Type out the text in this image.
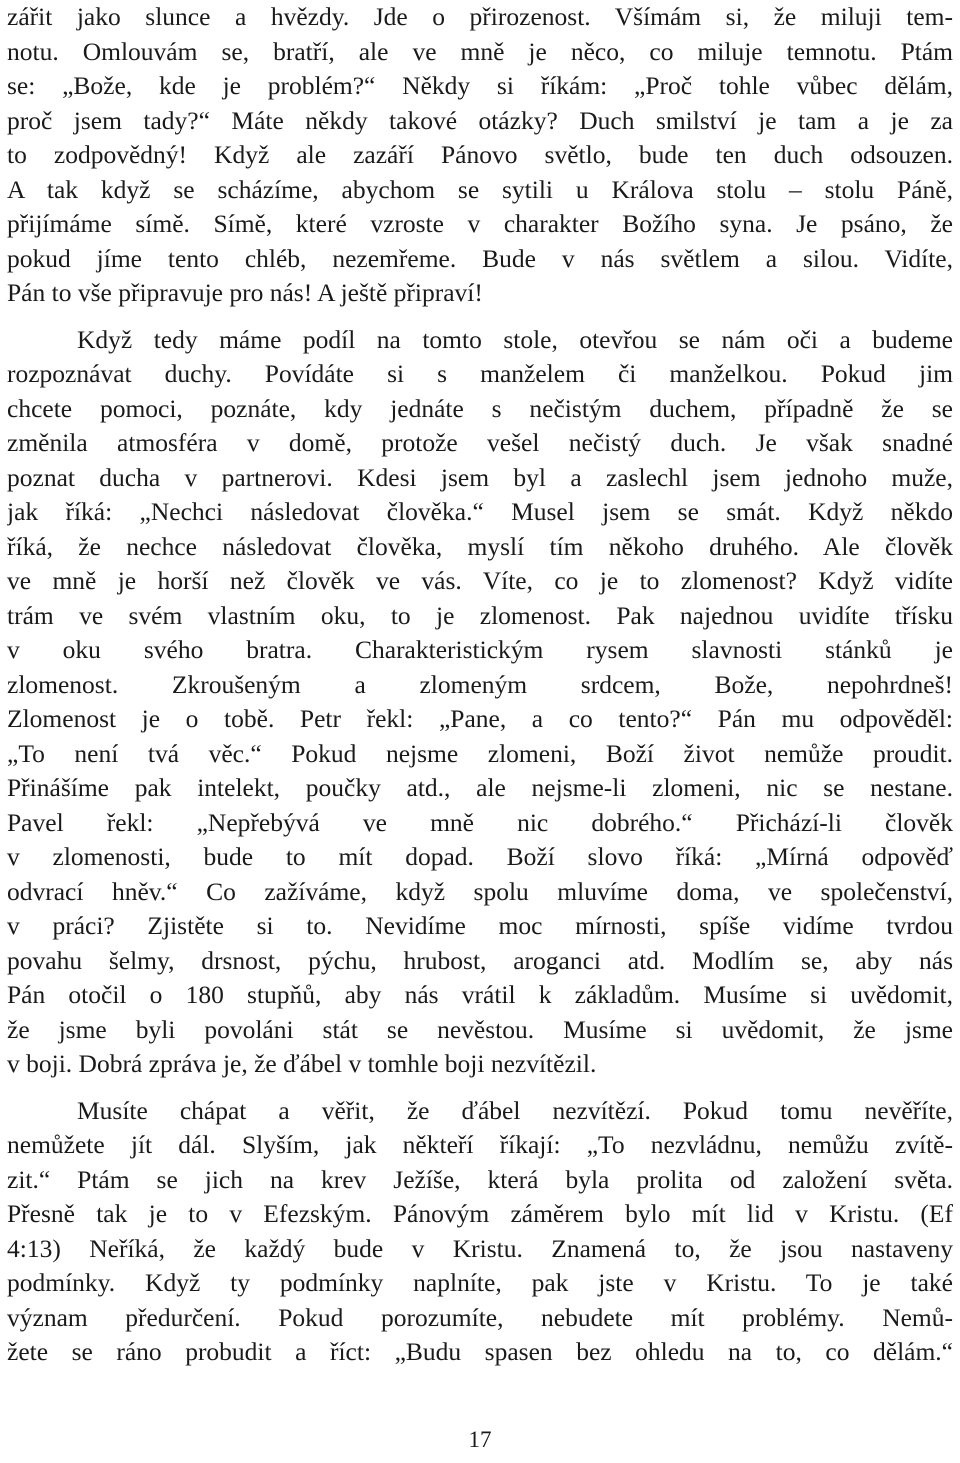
zářit jako slunce a hvězdy. Jde o přirozenost. Všímám si, že miluji tem-
notu. Omlouvám se, bratří, ale ve mně je něco, co miluje temnotu. Ptám
se: „Bože, kde je problém?“ Někdy si říkám: „Proč tohle vůbec dělám,
proč jsem tady?“ Máte někdy takové otázky? Duch smilství je tam a je za
to zodpovědný! Když ale zazáří Pánovo světlo, bude ten duch odsouzen.
A tak když se scházíme, abychom se sytili u Králova stolu – stolu Páně,
přijímáme símě. Símě, které vzroste v charakter Božího syna. Je psáno, že
pokud jíme tento chléb, nezemřeme. Bude v nás světlem a silou. Vidíte,
Pán to vše připravuje pro nás! A ještě připraví!
Když tedy máme podíl na tomto stole, otevřou se nám oči a budeme
rozpoznávat duchy. Povídáte si s manželem či manželkou. Pokud jim
chcete pomoci, poznáte, kdy jednáte s nečistým duchem, případně že se
změnila atmosféra v domě, protože vešel nečistý duch. Je však snadné
poznat ducha v partnerovi. Kdesi jsem byl a zaslechl jsem jednoho muže,
jak říká: „Nechci následovat člověka.“ Musel jsem se smát. Když někdo
říká, že nechce následovat člověka, myslí tím někoho druhého. Ale člověk
ve mně je horší než člověk ve vás. Víte, co je to zlomenost? Když vidíte
trám ve svém vlastním oku, to je zlomenost. Pak najednou uvidíte třísku
v oku svého bratra. Charakteristickým rysem slavnosti stánků je
zlomenost. Zkroušeným a zlomeným srdcem, Bože, nepohrdneš!
Zlomenost je o tobě. Petr řekl: „Pane, a co tento?“ Pán mu odpověděl:
„To není tvá věc.“ Pokud nejsme zlomeni, Boží život nemůže proudit.
Přinášíme pak intelekt, poučky atd., ale nejsme-li zlomeni, nic se nestane.
Pavel řekl: „Nepřebývá ve mně nic dobrého.“ Přichází-li člověk
v zlomenosti, bude to mít dopad. Boží slovo říká: „Mírná odpověď
odvrací hněv.“ Co zažíváme, když spolu mluvíme doma, ve společenství,
v práci? Zjistěte si to. Nevidíme moc mírnosti, spíše vidíme tvrdou
povahu šelmy, drsnost, pýchu, hrubost, aroganci atd. Modlím se, aby nás
Pán otočil o 180 stupňů, aby nás vrátil k základům. Musíme si uvědomit,
že jsme byli povoláni stát se nevěstou. Musíme si uvědomit, že jsme
v boji. Dobrá zpráva je, že ďábel v tomhle boji nezvítězil.
Musíte chápat a věřit, že ďábel nezvítězí. Pokud tomu nevěříte,
nemůžete jít dál. Slyším, jak někteří říkají: „To nezvládnu, nemůžu zvítě-
zit.“ Ptám se jich na krev Ježíše, která byla prolita od založení světa.
Přesně tak je to v Efezským. Pánovým záměrem bylo mít lid v Kristu. (Ef
4:13) Neříká, že každý bude v Kristu. Znamená to, že jsou nastaveny
podmínky. Když ty podmínky naplníte, pak jste v Kristu. To je také
význam předurčení. Pokud porozumíte, nebudete mít problémy. Nemů-
žete se ráno probudit a říct: „Budu spasen bez ohledu na to, co dělám.“
17
